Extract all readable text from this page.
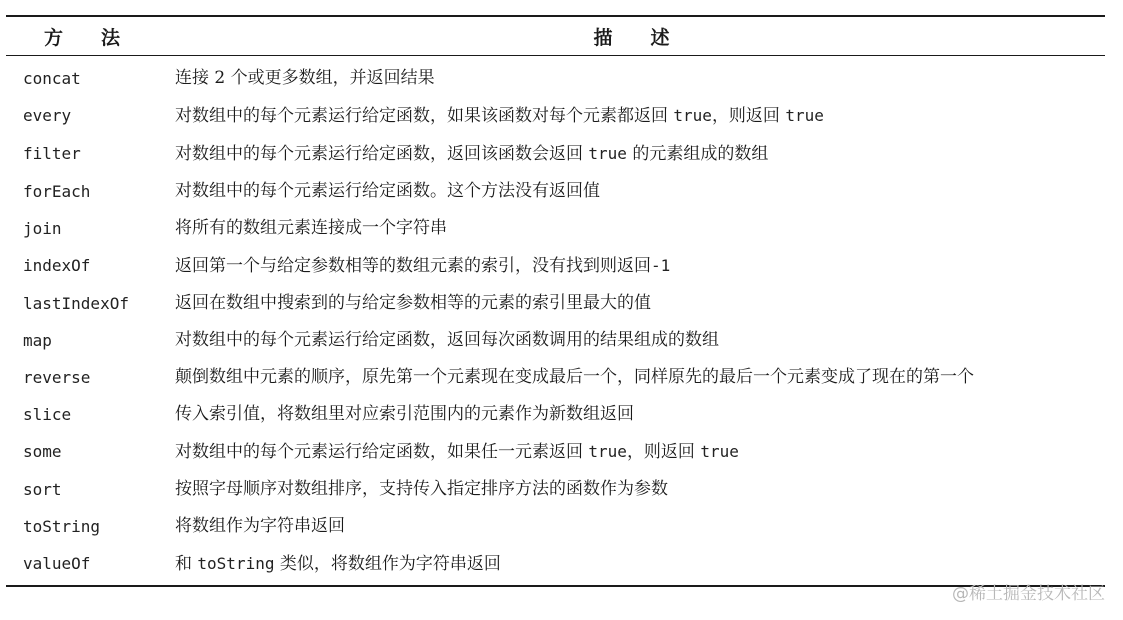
方 法	描 述
concat	连接 2 个或更多数组，并返回结果
every	对数组中的每个元素运行给定函数，如果该函数对每个元素都返回 true，则返回 true
filter	对数组中的每个元素运行给定函数，返回该函数会返回 true 的元素组成的数组
forEach	对数组中的每个元素运行给定函数。这个方法没有返回值
join	将所有的数组元素连接成一个字符串
indexOf	返回第一个与给定参数相等的数组元素的索引，没有找到则返回-1
lastIndexOf	返回在数组中搜索到的与给定参数相等的元素的索引里最大的值
map	对数组中的每个元素运行给定函数，返回每次函数调用的结果组成的数组
reverse	颠倒数组中元素的顺序，原先第一个元素现在变成最后一个，同样原先的最后一个元素变成了现在的第一个
slice	传入索引值，将数组里对应索引范围内的元素作为新数组返回
some	对数组中的每个元素运行给定函数，如果任一元素返回 true，则返回 true
sort	按照字母顺序对数组排序，支持传入指定排序方法的函数作为参数
toString	将数组作为字符串返回
valueOf	和 toString 类似，将数组作为字符串返回
@稀土掘金技术社区
